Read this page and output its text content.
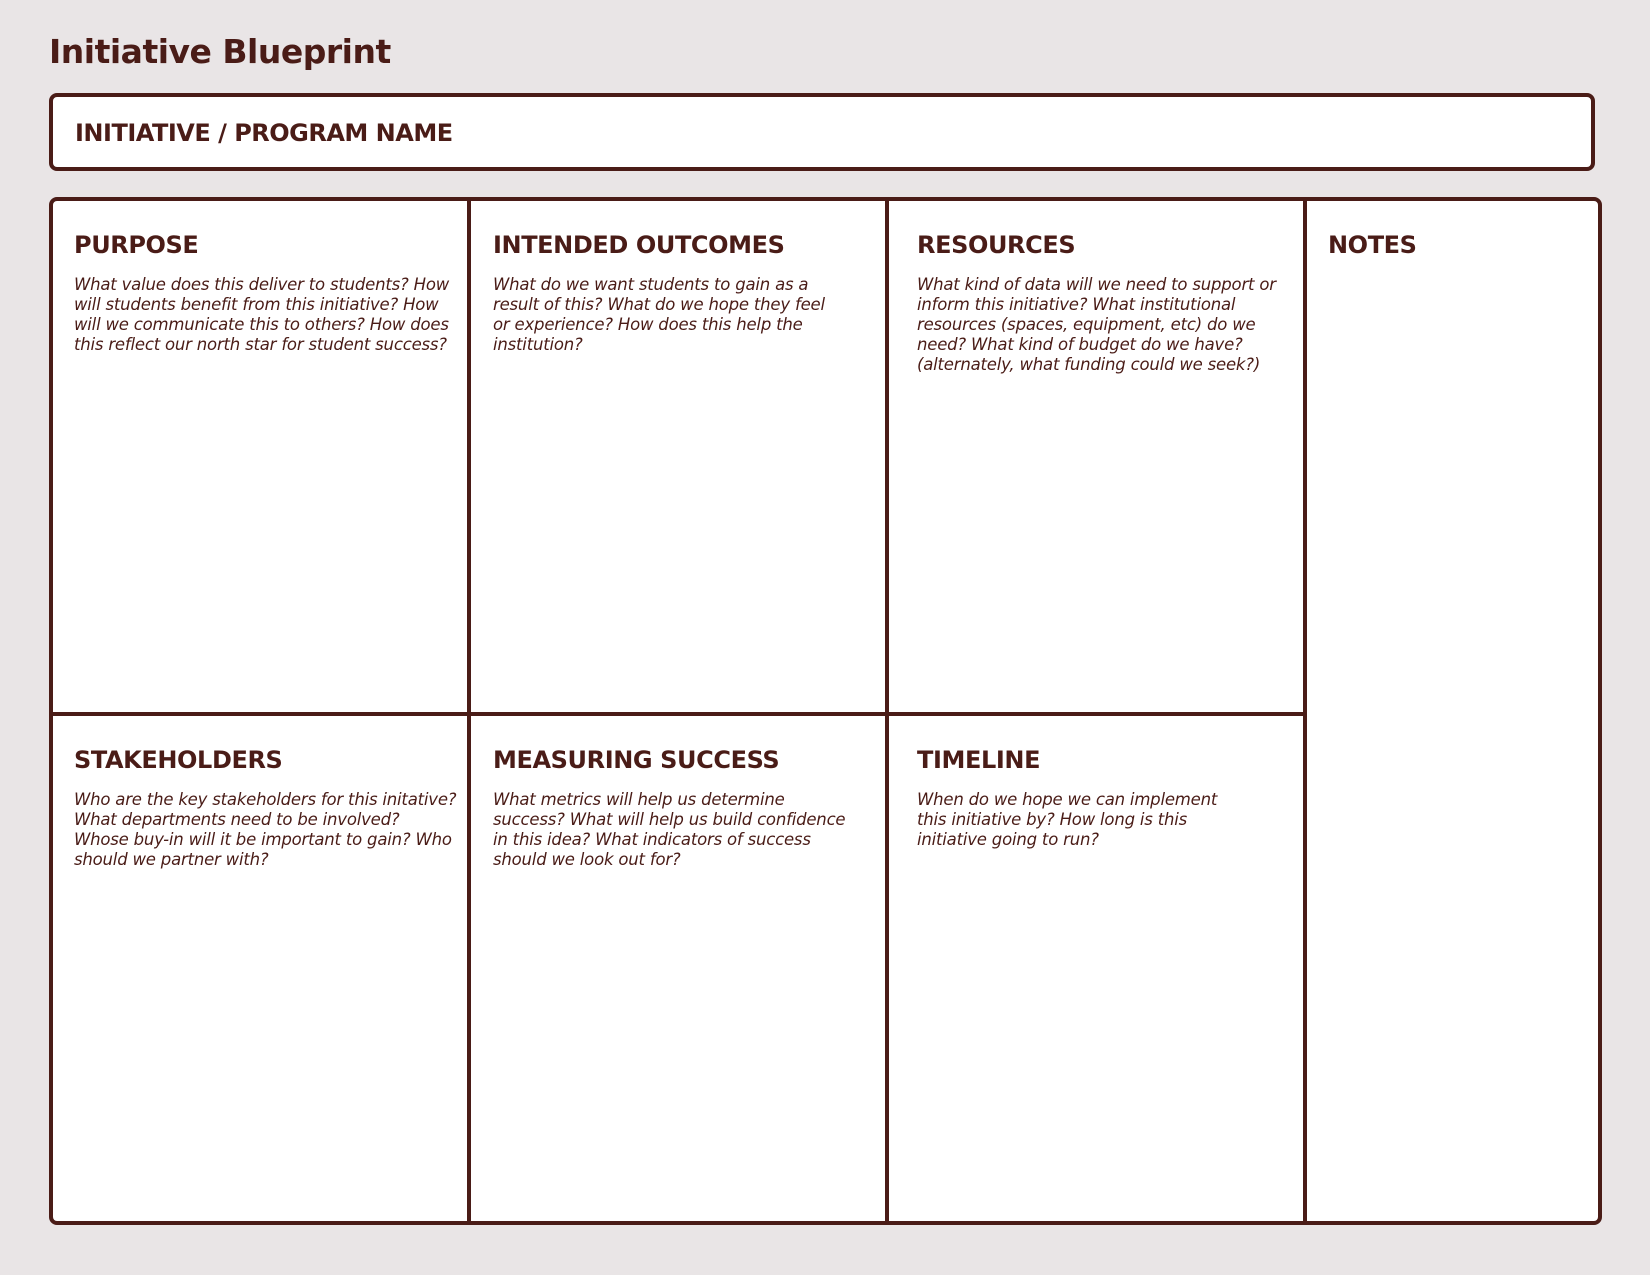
Initiative Blueprint
INITIATIVE / PROGRAM NAME
PURPOSE

What value does this deliver to students? How will students benefit from this initiative? How will we communicate this to others? How does this reflect our north star for student success?

INTENDED OUTCOMES

What do we want students to gain as a result of this? What do we hope they feel or experience? How does this help the institution?

RESOURCES

What kind of data will we need to support or inform this initiative? What institutional resources (spaces, equipment, etc) do we need? What kind of budget do we have? (alternately, what funding could we seek?)

NOTES
STAKEHOLDERS

Who are the key stakeholders for this initative? What departments need to be involved? Whose buy-in will it be important to gain? Who should we partner with?

MEASURING SUCCESS

What metrics will help us determine success? What will help us build confidence in this idea? What indicators of success should we look out for?

TIMELINE

When do we hope we can implement this initiative by? How long is this initiative going to run?
